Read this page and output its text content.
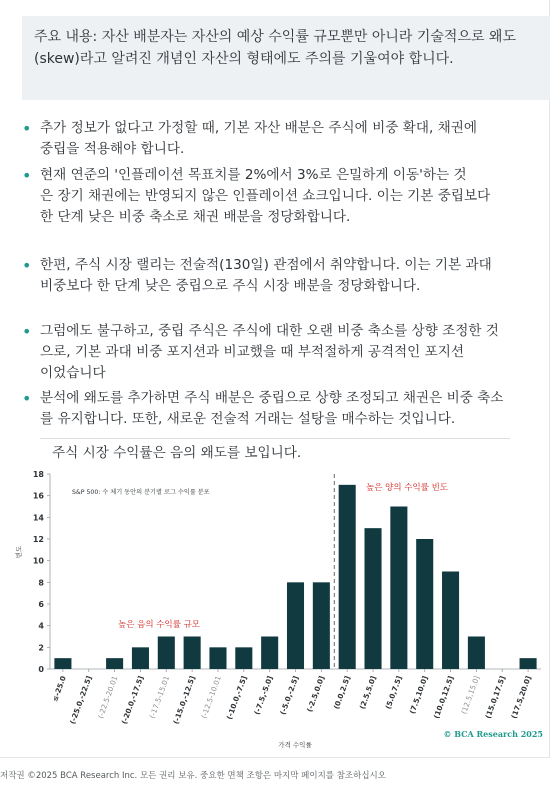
주요 내용: 자산 배분자는 자산의 예상 수익률 규모뿐만 아니라 기술적으로 왜도(skew)라고 알려진 개념인 자산의 형태에도 주의를 기울여야 합니다.
• 추가 정보가 없다고 가정할 때, 기본 자산 배분은 주식에 비중 확대, 채권에
중립을 적용해야 합니다.
• 현재 연준의 '인플레이션 목표치를 2%에서 3%로 은밀하게 이동'하는 것
은 장기 채권에는 반영되지 않은 인플레이션 쇼크입니다. 이는 기본 중립보다
한 단계 낮은 비중 축소로 채권 배분을 정당화합니다.
• 한편, 주식 시장 랠리는 전술적(130일) 관점에서 취약합니다. 이는 기본 과대
비중보다 한 단계 낮은 중립으로 주식 시장 배분을 정당화합니다.
• 그럼에도 불구하고, 중립 주식은 주식에 대한 오랜 비중 축소를 상향 조정한 것
으로, 기본 과대 비중 포지션과 비교했을 때 부적절하게 공격적인 포지션
이었습니다
• 분석에 왜도를 추가하면 주식 배분은 중립으로 상향 조정되고 채권은 비중 축소
를 유지합니다. 또한, 새로운 전술적 거래는 설탕을 매수하는 것입니다.
주식 시장 수익률은 음의 왜도를 보입니다.
0
2
4
6
8
10
12
14
16
18
빈도
≤-25.0 (-25.0,-22.5] (-22.5-20.01 (-20.0,-17.5] (-17.5-15.01 (-15.0,-12.5] (-12.5-10.01 (-10.0,-7.5] (-7.5,-5.0] (-5.0,-2.5] (-2.5,0.0] (0.0,2.5] (2.5,5.0] (5.0,7.5] (7.5,10.0] (10.0,12.5] (12.5,15.0] (15.0,17.5] (17.5,20.0]
S&P 500: 수 체기 동안의 분기별 로그 수익률 분포
높은 음의 수익률 규모
높은 양의 수익률 빈도
가격 수익률
© BCA Research 2025
저작권 ©2025 BCA Research Inc. 모든 권리 보유. 중요한 면책 조항은 마지막 페이지를 참조하십시오
